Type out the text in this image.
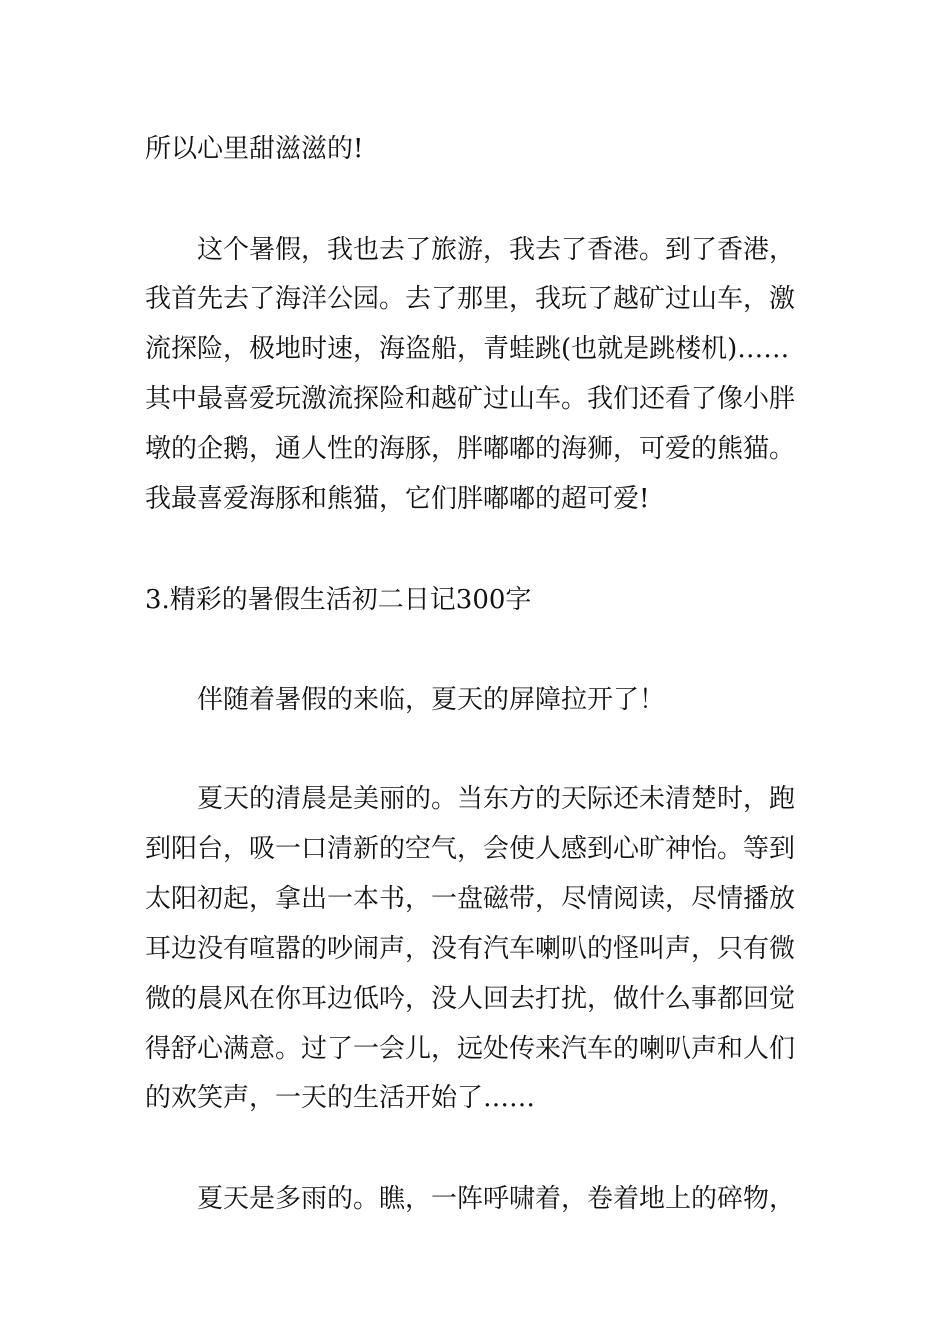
所以心里甜滋滋的!

这个暑假，我也去了旅游，我去了香港。到了香港，

我首先去了海洋公园。去了那里，我玩了越矿过山车，激

流探险，极地时速，海盗船，青蛙跳(也就是跳楼机)……

其中最喜爱玩激流探险和越矿过山车。我们还看了像小胖

墩的企鹅，通人性的海豚，胖嘟嘟的海狮，可爱的熊猫。

我最喜爱海豚和熊猫，它们胖嘟嘟的超可爱!

3.精彩的暑假生活初二日记300字

伴随着暑假的来临，夏天的屏障拉开了！

夏天的清晨是美丽的。当东方的天际还未清楚时，跑

到阳台，吸一口清新的空气，会使人感到心旷神怡。等到

太阳初起，拿出一本书，一盘磁带，尽情阅读，尽情播放

耳边没有喧嚣的吵闹声，没有汽车喇叭的怪叫声，只有微

微的晨风在你耳边低吟，没人回去打扰，做什么事都回觉

得舒心满意。过了一会儿，远处传来汽车的喇叭声和人们

的欢笑声，一天的生活开始了……

夏天是多雨的。瞧，一阵呼啸着，卷着地上的碎物，
